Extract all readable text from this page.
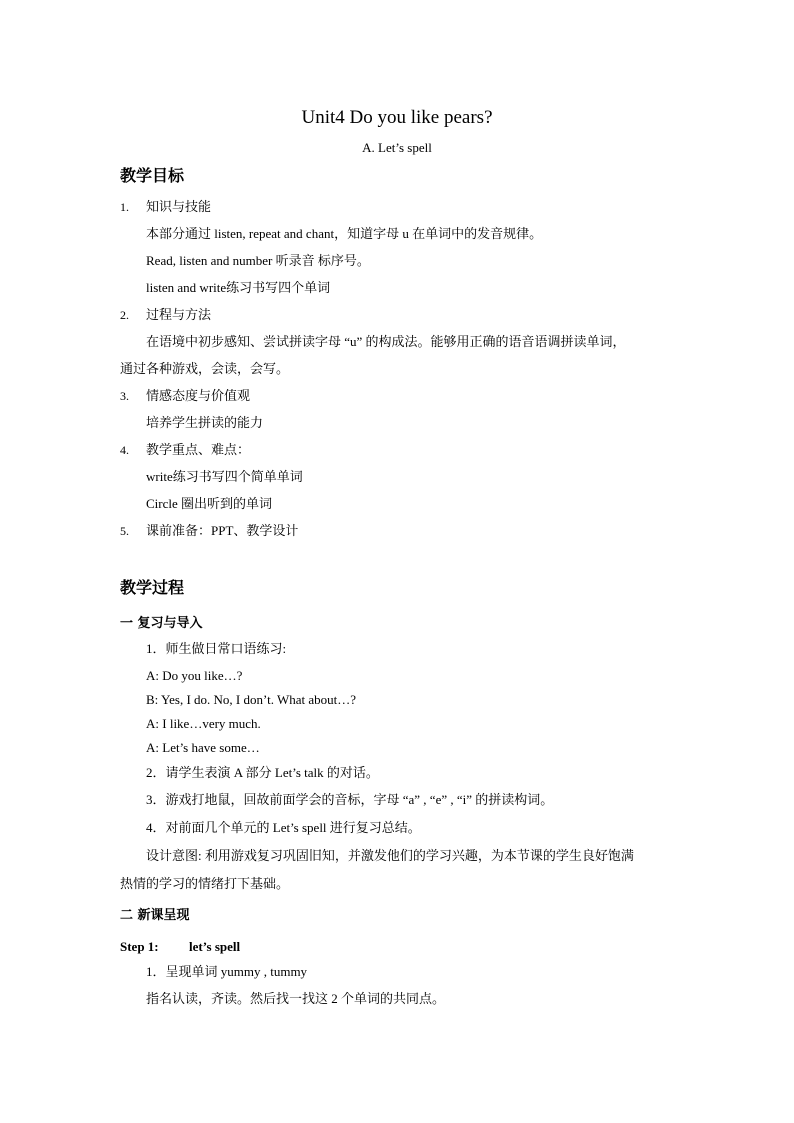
Unit4 Do you like pears?
A. Let’s spell
教学目标
1. 知识与技能
本部分通过 listen, repeat and chant，知道字母 u 在单词中的发音规律。
Read, listen and number 听录音 标序号。
listen and write练习书写四个单词
2. 过程与方法
在语境中初步感知、尝试拼读字母 “u” 的构成法。能够用正确的语音语调拼读单词，
通过各种游戏，会读，会写。
3. 情感态度与价值观
培养学生拼读的能力
4. 教学重点、难点：
write练习书写四个简单单词
Circle 圈出听到的单词
5. 课前准备：PPT、教学设计
教学过程
一 复习与导入
1．师生做日常口语练习:
A: Do you like…?
B: Yes, I do. No, I don’t. What about…?
A: I like…very much.
A: Let’s have some…
2．请学生表演 A 部分 Let’s talk 的对话。
3．游戏打地鼠，回故前面学会的音标，字母 “a” , “e” , “i” 的拼读构词。
4．对前面几个单元的 Let’s spell 进行复习总结。
设计意图: 利用游戏复习巩固旧知，并激发他们的学习兴趣，为本节课的学生良好饱满
热情的学习的情绪打下基础。
二 新课呈现
Step 1: let’s spell
1．呈现单词 yummy , tummy
指名认读，齐读。然后找一找这 2 个单词的共同点。
